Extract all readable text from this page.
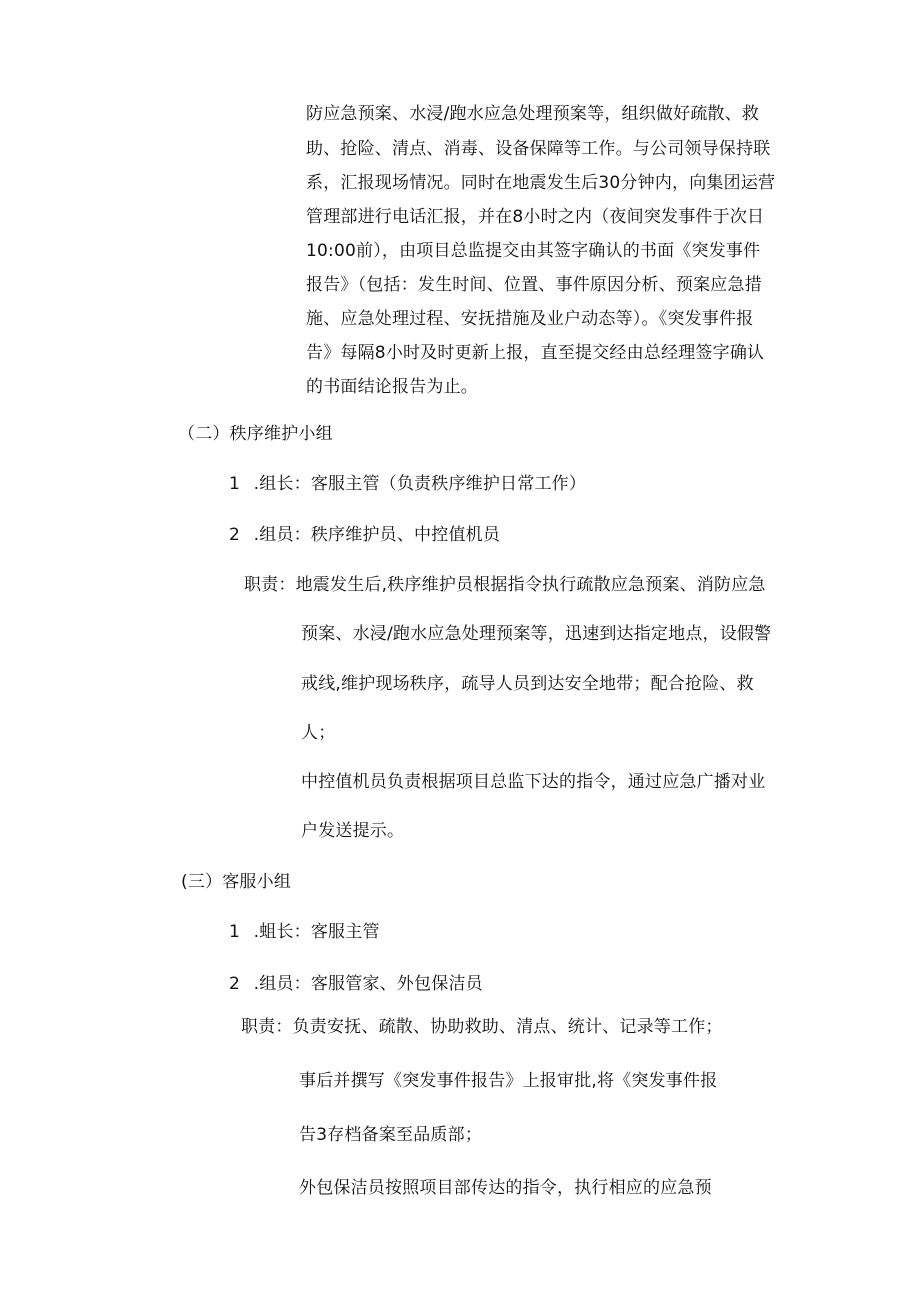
防应急预案、水浸/跑水应急处理预案等，组织做好疏散、救
助、抢险、清点、消毒、设备保障等工作。与公司领导保持联
系，汇报现场情况。同时在地震发生后30分钟内，向集团运营
管理部进行电话汇报，并在8小时之内（夜间突发事件于次日
10:00前），由项目总监提交由其签字确认的书面《突发事件
报告》（包括：发生时间、位置、事件原因分析、预案应急措
施、应急处理过程、安抚措施及业户动态等）。《突发事件报
告》每隔8小时及时更新上报，直至提交经由总经理签字确认
的书面结论报告为止。
（二）秩序维护小组
1 .组长：客服主管（负责秩序维护日常工作）
2 .组员：秩序维护员、中控值机员
职责：地震发生后,秩序维护员根据指令执行疏散应急预案、消防应急
预案、水浸/跑水应急处理预案等，迅速到达指定地点，设假警
戒线,维护现场秩序，疏导人员到达安全地带；配合抢险、救
人；
中控值机员负责根据项目总监下达的指令，通过应急广播对业
户发送提示。
(三）客服小组
1 .蛆长：客服主管
2 .组员：客服管家、外包保洁员
职责：负责安抚、疏散、协助救助、清点、统计、记录等工作；
事后并撰写《突发事件报告》上报审批,将《突发事件报
告3存档备案至品质部；
外包保洁员按照项目部传达的指令，执行相应的应急预
